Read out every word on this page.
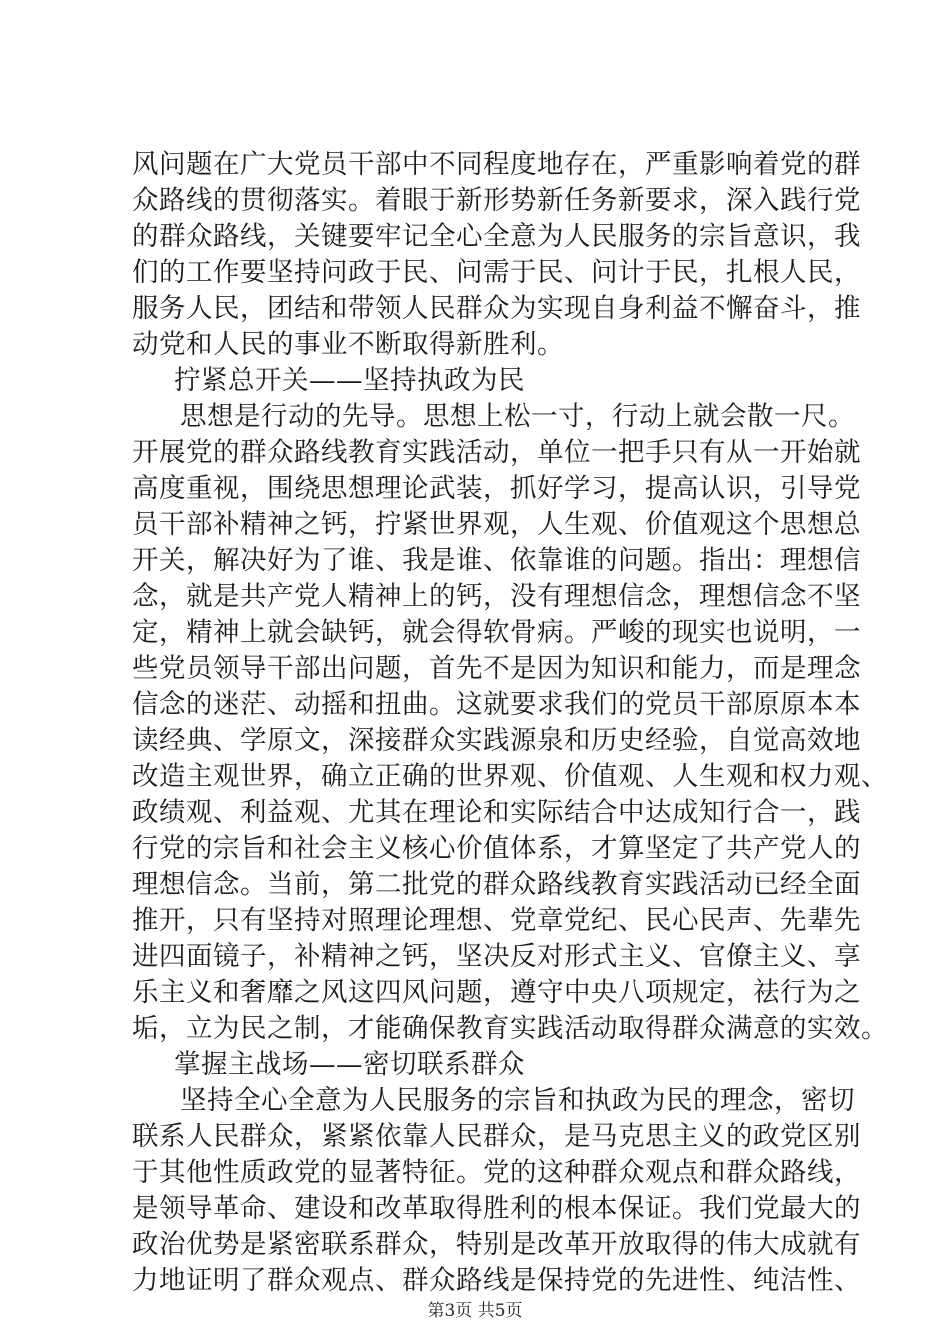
风问题在广大党员干部中不同程度地存在，严重影响着党的群
众路线的贯彻落实。着眼于新形势新任务新要求，深入践行党
的群众路线，关键要牢记全心全意为人民服务的宗旨意识，我
们的工作要坚持问政于民、问需于民、问计于民，扎根人民，
服务人民，团结和带领人民群众为实现自身利益不懈奋斗，推
动党和人民的事业不断取得新胜利。
拧紧总开关——坚持执政为民
思想是行动的先导。思想上松一寸，行动上就会散一尺。
开展党的群众路线教育实践活动，单位一把手只有从一开始就
高度重视，围绕思想理论武装，抓好学习，提高认识，引导党
员干部补精神之钙，拧紧世界观，人生观、价值观这个思想总
开关，解决好为了谁、我是谁、依靠谁的问题。指出：理想信
念，就是共产党人精神上的钙，没有理想信念，理想信念不坚
定，精神上就会缺钙，就会得软骨病。严峻的现实也说明，一
些党员领导干部出问题，首先不是因为知识和能力，而是理念
信念的迷茫、动摇和扭曲。这就要求我们的党员干部原原本本
读经典、学原文，深接群众实践源泉和历史经验，自觉高效地
改造主观世界，确立正确的世界观、价值观、人生观和权力观、
政绩观、利益观、尤其在理论和实际结合中达成知行合一，践
行党的宗旨和社会主义核心价值体系，才算坚定了共产党人的
理想信念。当前，第二批党的群众路线教育实践活动已经全面
推开，只有坚持对照理论理想、党章党纪、民心民声、先辈先
进四面镜子，补精神之钙，坚决反对形式主义、官僚主义、享
乐主义和奢靡之风这四风问题，遵守中央八项规定，祛行为之
垢，立为民之制，才能确保教育实践活动取得群众满意的实效。
掌握主战场——密切联系群众
坚持全心全意为人民服务的宗旨和执政为民的理念，密切
联系人民群众，紧紧依靠人民群众，是马克思主义的政党区别
于其他性质政党的显著特征。党的这种群众观点和群众路线，
第3页 共5页
是领导革命、建设和改革取得胜利的根本保证。我们党最大的
政治优势是紧密联系群众，特别是改革开放取得的伟大成就有
力地证明了群众观点、群众路线是保持党的先进性、纯洁性、
